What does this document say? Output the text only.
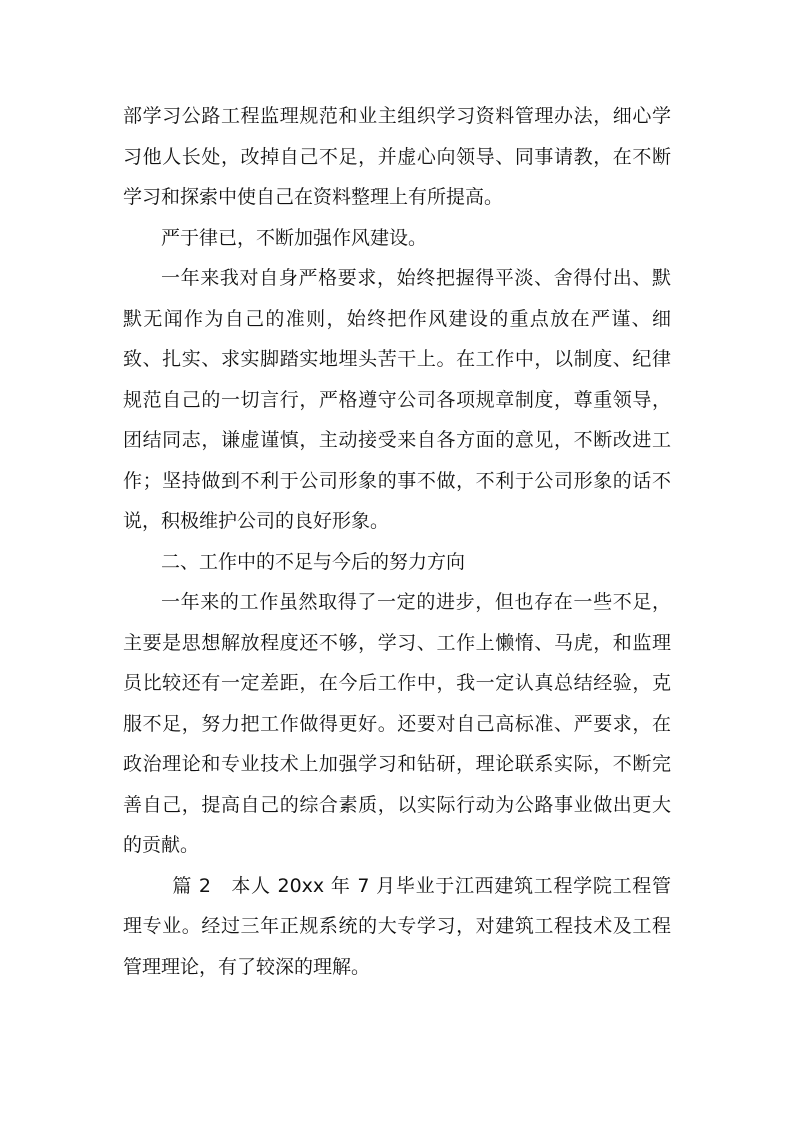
部学习公路工程监理规范和业主组织学习资料管理办法，细心学习他人长处，改掉自己不足，并虚心向领导、同事请教，在不断学习和探索中使自己在资料整理上有所提高。

严于律已，不断加强作风建设。

一年来我对自身严格要求，始终把握得平淡、舍得付出、默默无闻作为自己的准则，始终把作风建设的重点放在严谨、细致、扎实、求实脚踏实地埋头苦干上。在工作中，以制度、纪律规范自己的一切言行，严格遵守公司各项规章制度，尊重领导，团结同志，谦虚谨慎，主动接受来自各方面的意见，不断改进工作；坚持做到不利于公司形象的事不做，不利于公司形象的话不说，积极维护公司的良好形象。

二、工作中的不足与今后的努力方向

一年来的工作虽然取得了一定的进步，但也存在一些不足，主要是思想解放程度还不够，学习、工作上懒惰、马虎，和监理员比较还有一定差距，在今后工作中，我一定认真总结经验，克服不足，努力把工作做得更好。还要对自己高标准、严要求，在政治理论和专业技术上加强学习和钻研，理论联系实际，不断完善自己，提高自己的综合素质，以实际行动为公路事业做出更大的贡献。

篇 2　本人 20xx 年 7 月毕业于江西建筑工程学院工程管理专业。经过三年正规系统的大专学习，对建筑工程技术及工程管理理论，有了较深的理解。
